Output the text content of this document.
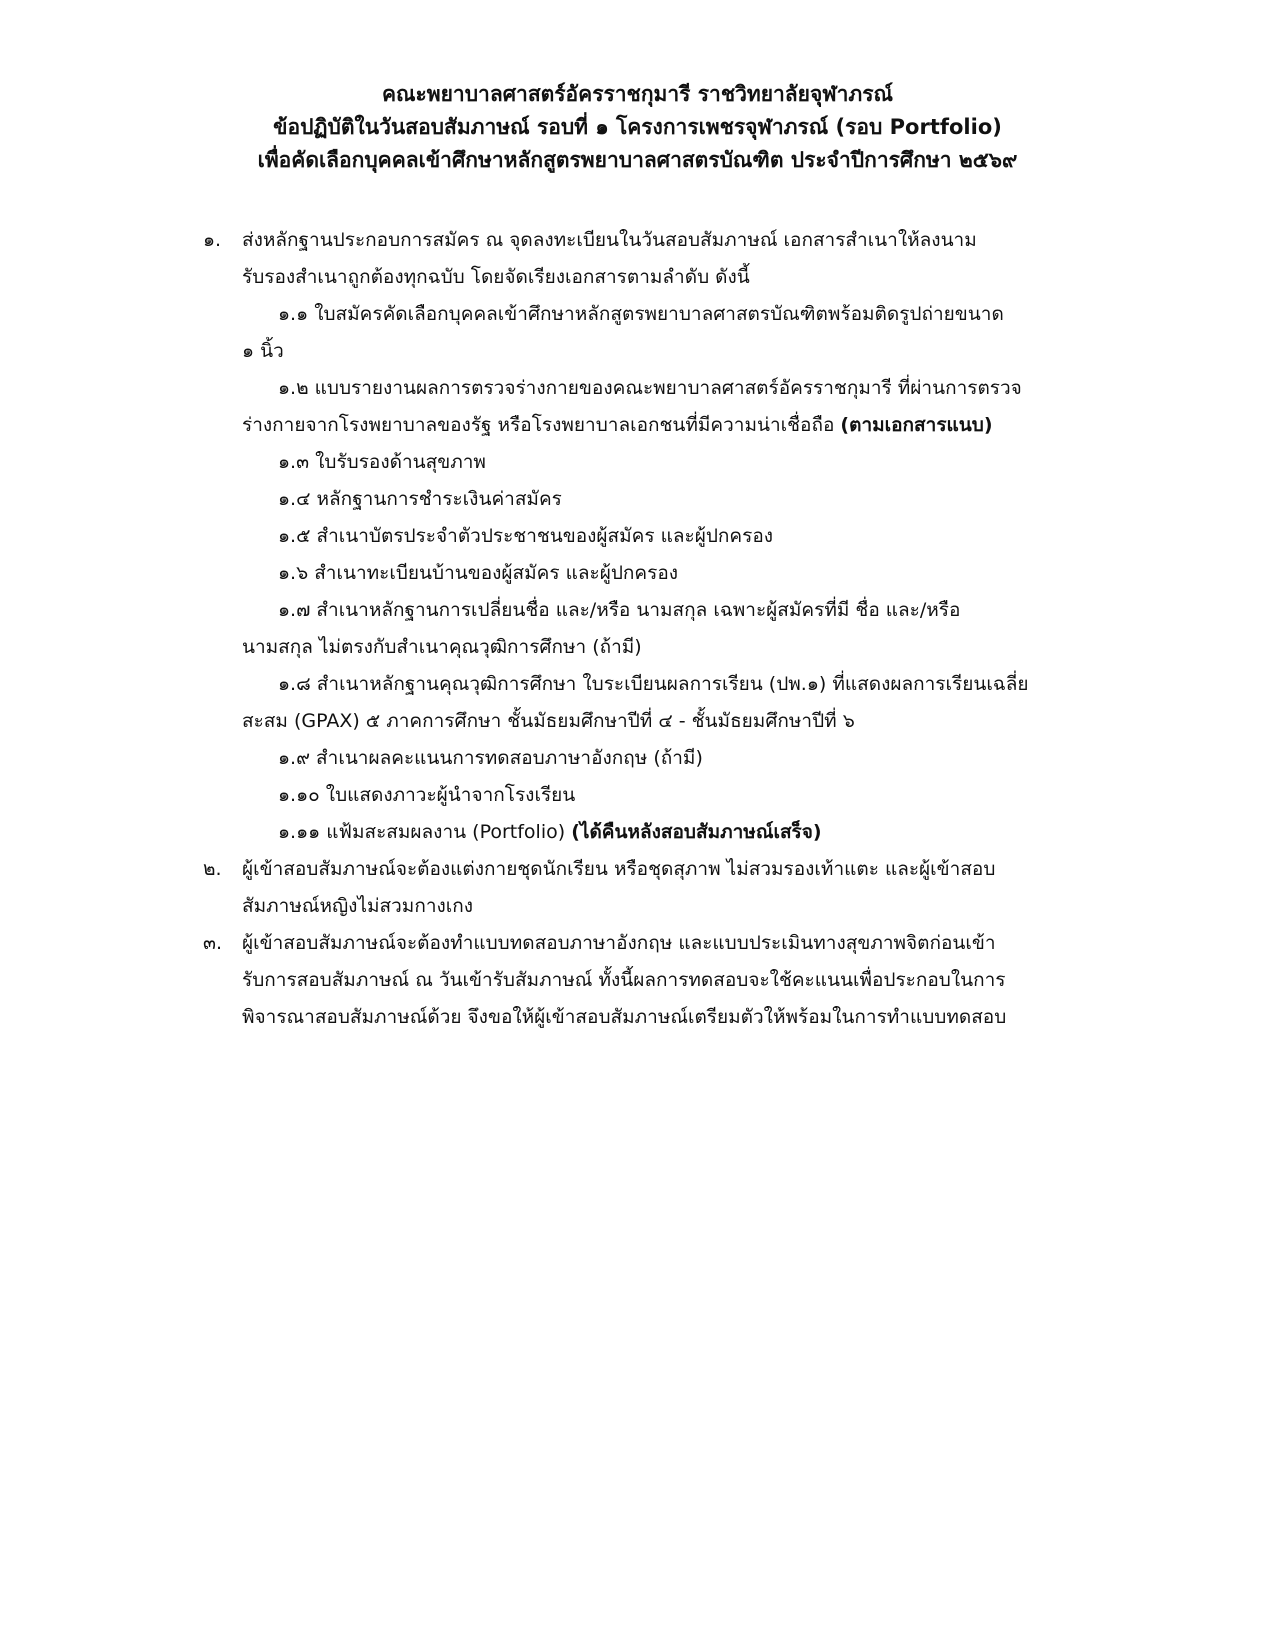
คณะพยาบาลศาสตร์อัครราชกุมารี ราชวิทยาลัยจุฬาภรณ์
ข้อปฏิบัติในวันสอบสัมภาษณ์ รอบที่ ๑ โครงการเพชรจุฬาภรณ์ (รอบ Portfolio)
เพื่อคัดเลือกบุคคลเข้าศึกษาหลักสูตรพยาบาลศาสตรบัณฑิต ประจำปีการศึกษา ๒๕๖๙
๑. ส่งหลักฐานประกอบการสมัคร ณ จุดลงทะเบียนในวันสอบสัมภาษณ์ เอกสารสำเนาให้ลงนาม
รับรองสำเนาถูกต้องทุกฉบับ โดยจัดเรียงเอกสารตามลำดับ ดังนี้
๑.๑ ใบสมัครคัดเลือกบุคคลเข้าศึกษาหลักสูตรพยาบาลศาสตรบัณฑิตพร้อมติดรูปถ่ายขนาด
๑ นิ้ว
๑.๒ แบบรายงานผลการตรวจร่างกายของคณะพยาบาลศาสตร์อัครราชกุมารี ที่ผ่านการตรวจ
ร่างกายจากโรงพยาบาลของรัฐ หรือโรงพยาบาลเอกชนที่มีความน่าเชื่อถือ (ตามเอกสารแนบ)
๑.๓ ใบรับรองด้านสุขภาพ
๑.๔ หลักฐานการชำระเงินค่าสมัคร
๑.๕ สำเนาบัตรประจำตัวประชาชนของผู้สมัคร และผู้ปกครอง
๑.๖ สำเนาทะเบียนบ้านของผู้สมัคร และผู้ปกครอง
๑.๗ สำเนาหลักฐานการเปลี่ยนชื่อ และ/หรือ นามสกุล เฉพาะผู้สมัครที่มี ชื่อ และ/หรือ
นามสกุล ไม่ตรงกับสำเนาคุณวุฒิการศึกษา (ถ้ามี)
๑.๘ สำเนาหลักฐานคุณวุฒิการศึกษา ใบระเบียนผลการเรียน (ปพ.๑) ที่แสดงผลการเรียนเฉลี่ย
สะสม (GPAX) ๕ ภาคการศึกษา ชั้นมัธยมศึกษาปีที่ ๔ - ชั้นมัธยมศึกษาปีที่ ๖
๑.๙ สำเนาผลคะแนนการทดสอบภาษาอังกฤษ (ถ้ามี)
๑.๑๐ ใบแสดงภาวะผู้นำจากโรงเรียน
๑.๑๑ แฟ้มสะสมผลงาน (Portfolio) (ได้คืนหลังสอบสัมภาษณ์เสร็จ)
๒. ผู้เข้าสอบสัมภาษณ์จะต้องแต่งกายชุดนักเรียน หรือชุดสุภาพ ไม่สวมรองเท้าแตะ และผู้เข้าสอบ
สัมภาษณ์หญิงไม่สวมกางเกง
๓. ผู้เข้าสอบสัมภาษณ์จะต้องทำแบบทดสอบภาษาอังกฤษ และแบบประเมินทางสุขภาพจิตก่อนเข้า
รับการสอบสัมภาษณ์ ณ วันเข้ารับสัมภาษณ์ ทั้งนี้ผลการทดสอบจะใช้คะแนนเพื่อประกอบในการ
พิจารณาสอบสัมภาษณ์ด้วย จึงขอให้ผู้เข้าสอบสัมภาษณ์เตรียมตัวให้พร้อมในการทำแบบทดสอบ
